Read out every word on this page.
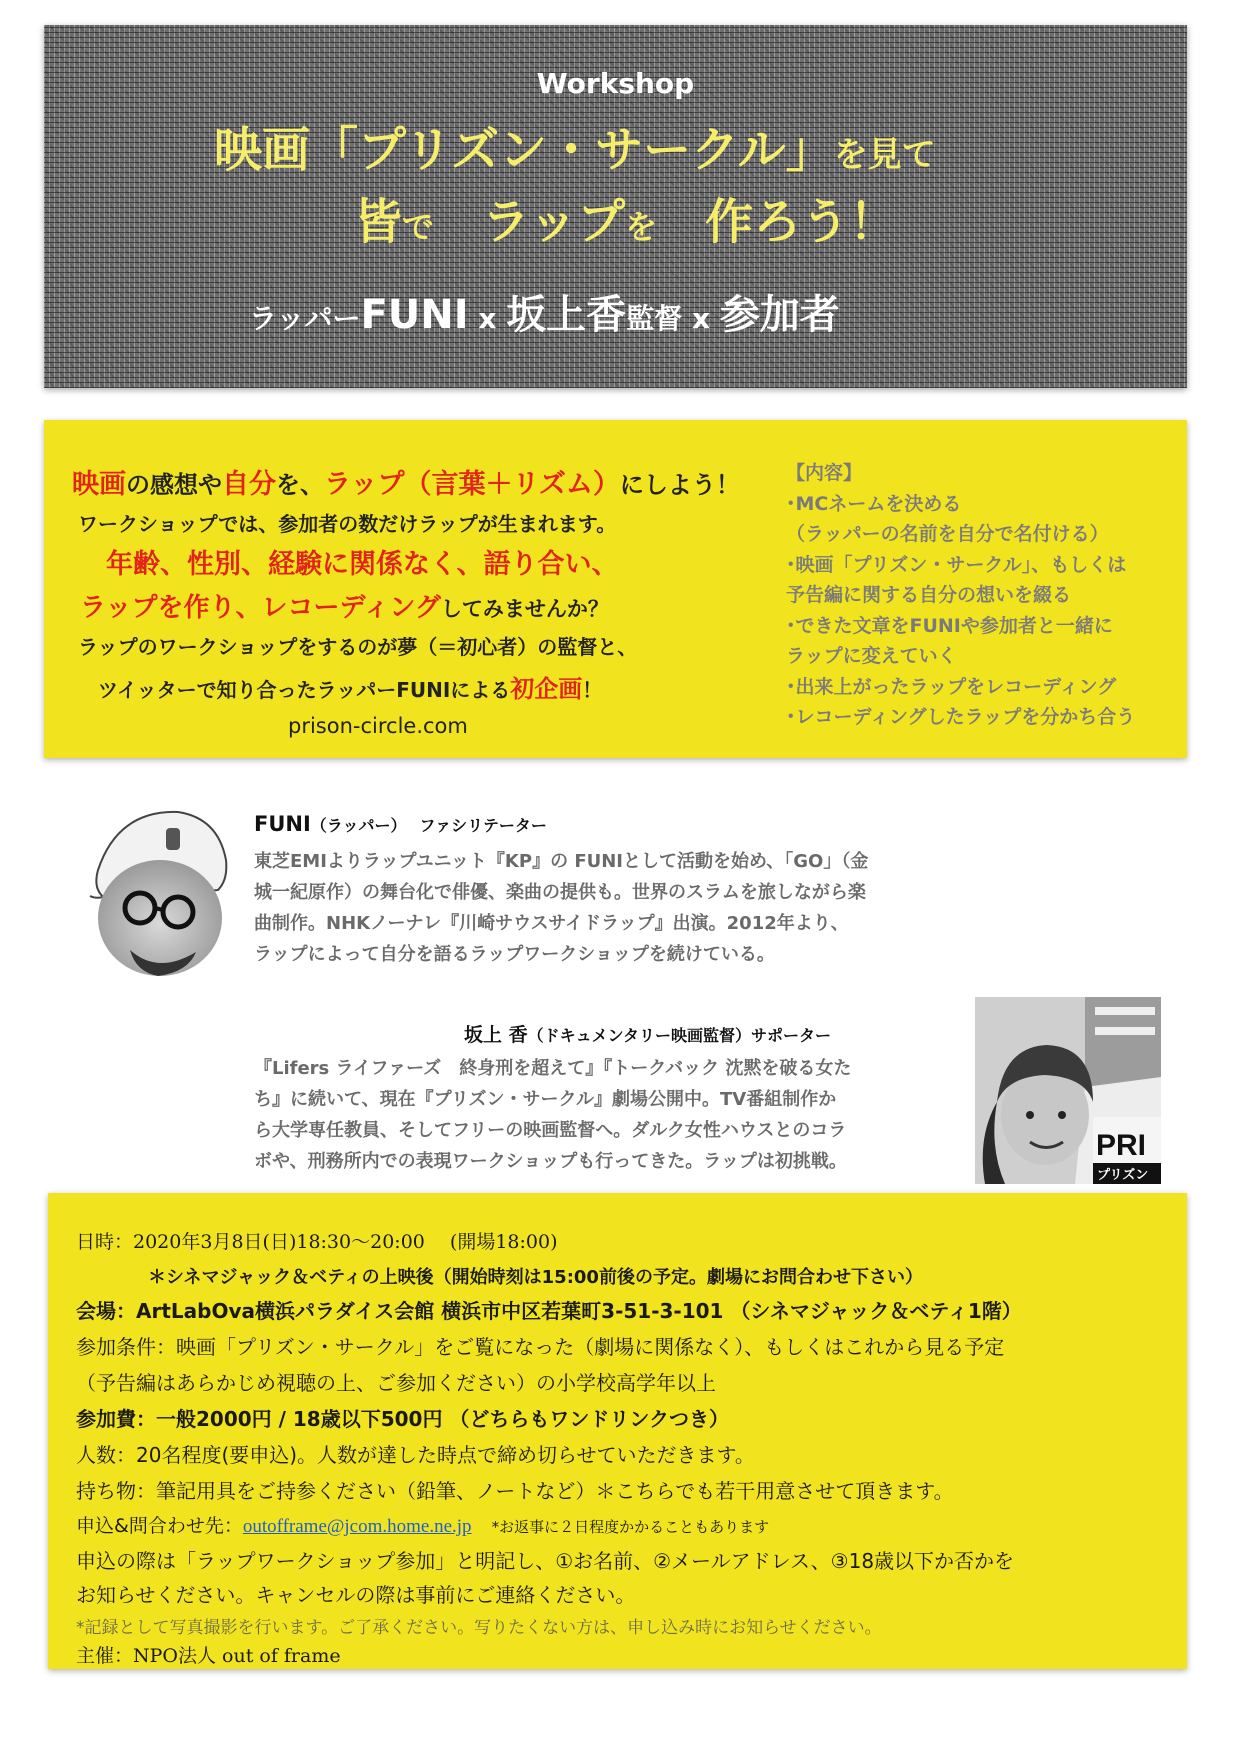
Workshop
映画「プリズン・サークル」を見て
皆で　 ラップを　 作ろう！
ラッパーFUNI x 坂上香監督 x 参加者
映画の感想や自分を、ラップ（言葉＋リズム）にしよう！
ワークショップでは、参加者の数だけラップが生まれます。
年齢、性別、経験に関係なく、語り合い、
ラップを作り、レコーディングしてみませんか？
ラップのワークショップをするのが夢（＝初心者）の監督と、
ツイッターで知り合ったラッパーFUNIによる初企画！
prison-circle.com
【内容】
･MCネームを決める
（ラッパーの名前を自分で名付ける）
･映画「プリズン・サークル」、もしくは
予告編に関する自分の想いを綴る
･できた文章をFUNIや参加者と一緒に
ラップに変えていく
･出来上がったラップをレコーディング
･レコーディングしたラップを分かち合う
FUNI（ラッパー）　 ファシリテーター
東芝EMIよりラップユニット『KP』の FUNIとして活動を始め、「GO」（金
城一紀原作）の舞台化で俳優、楽曲の提供も。世界のスラムを旅しながら楽
曲制作。NHKノーナレ『川崎サウスサイドラップ』出演。2012年より、
ラップによって自分を語るラップワークショップを続けている。
坂上 香（ドキュメンタリー映画監督）サポーター
『Lifers ライファーズ　終身刑を超えて』『トークバック 沈黙を破る女た
ち』に続いて、現在『プリズン・サークル』劇場公開中。TV番組制作か
ら大学専任教員、そしてフリーの映画監督へ。ダルク女性ハウスとのコラ
ボや、刑務所内での表現ワークショップも行ってきた。ラップは初挑戦。	PRI
プリズン
日時：2020年3月8日(日)18:30〜20:00　 (開場18:00)
＊シネマジャック＆ベティの上映後（開始時刻は15:00前後の予定。劇場にお問合わせ下さい）
会場：ArtLabOva横浜パラダイス会館 横浜市中区若葉町3-51-3-101 （シネマジャック＆ベティ1階）
参加条件：映画「プリズン・サークル」をご覧になった（劇場に関係なく）、もしくはこれから見る予定
（予告編はあらかじめ視聴の上、ご参加ください）の小学校高学年以上
参加費：一般2000円 / 18歳以下500円 （どちらもワンドリンクつき）
人数：20名程度(要申込)。人数が達した時点で締め切らせていただきます。
持ち物：筆記用具をご持参ください（鉛筆、ノートなど）＊こちらでも若干用意させて頂きます。
申込&問合わせ先：outofframe@jcom.home.ne.jp *お返事に２日程度かかることもあります
申込の際は「ラップワークショップ参加」と明記し、①お名前、②メールアドレス、③18歳以下か否かを
お知らせください。キャンセルの際は事前にご連絡ください。
*記録として写真撮影を行います。ご了承ください。写りたくない方は、申し込み時にお知らせください。
主催：NPO法人 out of frame
